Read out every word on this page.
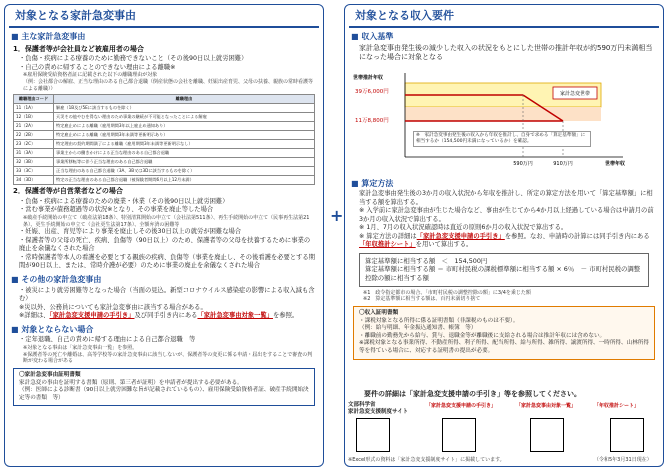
対象となる家計急変事由
■ 主な家計急変事由
1．保護者等が会社員など被雇用者の場合
・負傷・疾病による療養のために勤務できないこと（その後90日以上就労困難）
・自己の責めに帰することのできない理由による離職※
※雇用保険受給資格者証に記載された以下の離職理由が対象
（例：会社都合の解雇、正当な理由のある自己都合退職（倒産状態の会社を離職、妊娠出産育児、父母の扶養、親族の常時看護等による離職））
離職理由コード	離職理由
11（1A）	解雇（1B及び5Eに該当するものを除く）
12（1B）	天災その他やむを得ない理由のため事業の継続が不可能となったことによる解雇
21（2A）	特定雇止めによる離職（雇用期間3年以上雇止め通知あり）
22（2B）	特定雇止めによる離職（雇用期間3年未満等更新明示あり）
23（2C）	特定理由の契約期間満了による離職（雇用期間3年未満等更新明示なし）
31（3A）	事業主からの働きかけによる正当な理由のある自己都合退職
32（3B）	事業所移転等に伴う正当な理由のある自己都合退職
33（3C）	正当な理由のある自己都合退職（3A、3B又は3Dに該当するものを除く）
34（3D）	特定の正当な理由のある自己都合退職（被保険者期間6月以上12月未満）
2．保護者等が自営業者などの場合
・負傷・疾病による療養のための廃業・休業（その後90日以上就労困難）
・営む事業が債務超過等の状況※となり、その事業を廃止等した場合
※破産手続開始の申立て（破産法第18条）、特別清算開始の申立て（会社法第511条）、再生手続開始の申立て（民事再生法第21条）、更生手続開始の申立て（会社更生法第17条）、全額弁済の困難等
・妊娠、出産、育児等により事業を廃止しその後30日以上の就労が困難な場合
・保護者等の父母の死亡、疾病、負傷等（90日以上）のため、保護者等の父母を扶養するために事業の廃止を余儀なくされた場合
・常時保護者等本人の看護を必要とする親族の疾病、負傷等（事業を廃止し、その後看護を必要とする期間が90日以上、または、常時介護が必要）のために事業の廃止を余儀なくされた場合
■ その他の家計急変事由
・被災により就労困難等となった場合（当面の見込。新型コロナウイルス感染症の影響による収入減も含む）
※災以外、公務員についても家計急変事由に該当する場合がある。
※詳細は、「家計急変支援申請の手引き」及び同手引き内にある「家計急変事由対象一覧」を参照。
■ 対象とならない場合
・定年退職、自己の責めに帰する理由による自己都合退職　等
※対象となる事由は「家計急変事由一覧」を参照。
※保護者等の死亡や離婚は、高等学校等の家計急変事由に該当しないが、保護者等の変更に係る申請・届出をすることで審査の判断が変わる場合がある
〇家計急変事由証明書類
家計急変の事由を証明する書類（原則、第三者が証明）を申請者が提出する必要がある。
（例：医師による診断書（90日以上就労困難な旨が記載されているもの）、雇用保険受給資格者証、破産手続開始決定等の書類　等）
+
対象となる収入要件
■ 収入基準
家計急変事由発生後の減少した収入の状況をもとにした世帯の推計年収が約590万円未満相当になった場合に対象となる
世帯推計年収
39万6,000円
11万8,800円
家計急変世帯
590万円	910万円	世帯年収
※　家計急変事由発生後の収入から年収を推計し、自身で求める「算定基準額」に相当するか（154,500円未満になっているか）を確認。
■ 算定方法
家計急変事由発生後の3か月の収入状況から年収を推計し、所定の算定方法を用いて「算定基準額」に相当する額を算出する。
※ 入学前に家計急変事由が生じた場合など、事由が生じてから4か月以上経過している場合は申請月の前3か月の収入状況で算出する。
※ 1月、7月の収入状況確認時は直近の原則6か月の収入状況で算出する。
※ 算定方法の詳細は「家計急変支援申請の手引き」を参照。なお、申請時の計算には同手引き内にある「年収推計シート」を用いて算出する。
算定基準額に相当する額　＜　154,500円
算定基準額に相当する額 ＝ 市町村民税の課税標準額に相当する額 × 6％　－ 市町村民税の調整控除の額に相当する額
※1　政令指定都市の場合、「市町村民税の調整控除の額」に3/4を乗じた額
※2　算定基準額に相当する額は、百円未満切り捨て
〇収入証明書類
・課税対象となる所得に係る証明書類（非課税のものは不要）。
（例：給与明細、年金振込通知書、帳簿　等）
・離職前の勤務先から給与、賞与、退職金等が離職後に支給される場合は推計年収には含めない。
※課税対象となる事業所得、不動産所得、利子所得、配当所得、給与所得、雑所得、譲渡所得、一時所得、山林所得等を得ている場合に、対応する証明書の提出が必要。
要件の詳細は「家計急変支援申請の手引き」等を参照してください。
文部科学省
家計急変支援制度サイト
「家計急変支援申請の手引き」	「家計急変事由対象一覧」	「年収推計シート」
※Excel形式の資料は「家計急変支援制度サイト」に掲載しています。	（令和5年3月31日現在）
